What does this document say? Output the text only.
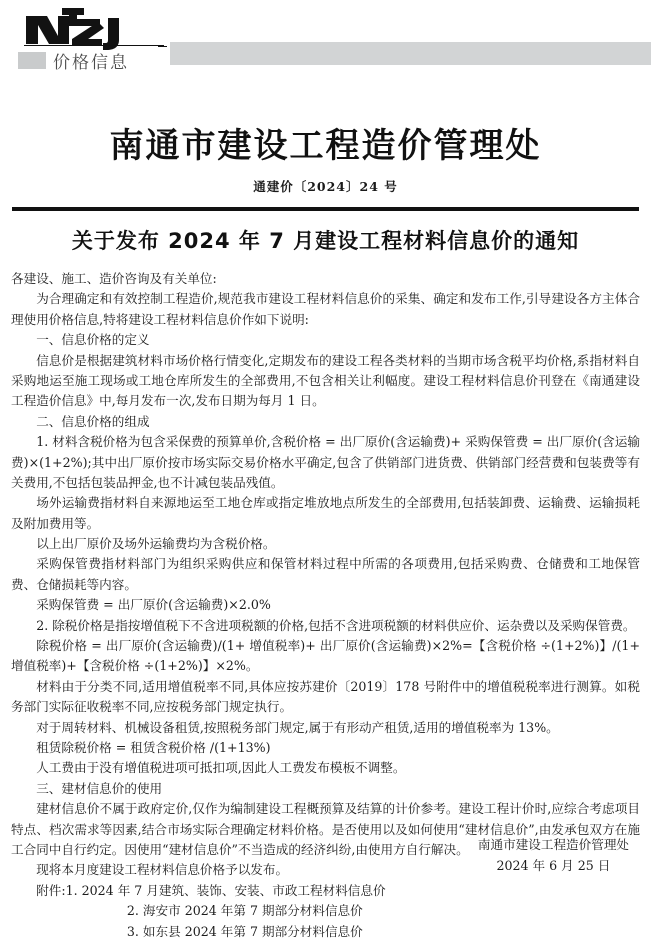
价格信息
南通市建设工程造价管理处
通建价〔2024〕24 号
关于发布 2024 年 7 月建设工程材料信息价的通知

各建设、施工、造价咨询及有关单位:

为合理确定和有效控制工程造价,规范我市建设工程材料信息价的采集、确定和发布工作,引导建设各方主体合理使用价格信息,特将建设工程材料信息价作如下说明:

一、信息价格的定义

信息价是根据建筑材料市场价格行情变化,定期发布的建设工程各类材料的当期市场含税平均价格,系指材料自采购地运至施工现场或工地仓库所发生的全部费用,不包含相关让利幅度。建设工程材料信息价刊登在《南通建设工程造价信息》中,每月发布一次,发布日期为每月 1 日。

二、信息价格的组成

1. 材料含税价格为包含采保费的预算单价,含税价格 = 出厂原价(含运输费)+ 采购保管费 = 出厂原价(含运输费)×(1+2%);其中出厂原价按市场实际交易价格水平确定,包含了供销部门进货费、供销部门经营费和包装费等有关费用,不包括包装品押金,也不计减包装品残值。

场外运输费指材料自来源地运至工地仓库或指定堆放地点所发生的全部费用,包括装卸费、运输费、运输损耗及附加费用等。

以上出厂原价及场外运输费均为含税价格。

采购保管费指材料部门为组织采购供应和保管材料过程中所需的各项费用,包括采购费、仓储费和工地保管费、仓储损耗等内容。

采购保管费 = 出厂原价(含运输费)×2.0%

2. 除税价格是指按增值税下不含进项税额的价格,包括不含进项税额的材料供应价、运杂费以及采购保管费。

除税价格 = 出厂原价(含运输费)/(1+ 增值税率)+ 出厂原价(含运输费)×2%=【含税价格 ÷(1+2%)】/(1+ 增值税率)+【含税价格 ÷(1+2%)】×2%。

材料由于分类不同,适用增值税率不同,具体应按苏建价〔2019〕178 号附件中的增值税税率进行测算。如税务部门实际征收税率不同,应按税务部门规定执行。

对于周转材料、机械设备租赁,按照税务部门规定,属于有形动产租赁,适用的增值税率为 13%。

租赁除税价格 = 租赁含税价格 /(1+13%)

人工费由于没有增值税进项可抵扣项,因此人工费发布模板不调整。

三、建材信息价的使用

建材信息价不属于政府定价,仅作为编制建设工程概预算及结算的计价参考。建设工程计价时,应综合考虑项目特点、档次需求等因素,结合市场实际合理确定材料价格。是否使用以及如何使用“建材信息价”,由发承包双方在施工合同中自行约定。因使用“建材信息价”不当造成的经济纠纷,由使用方自行解决。

现将本月度建设工程材料信息价格予以发布。

附件:1. 2024 年 7 月建筑、装饰、安装、市政工程材料信息价

2. 海安市 2024 年第 7 期部分材料信息价

3. 如东县 2024 年第 7 期部分材料信息价

南通市建设工程造价管理处
2024 年 6 月 25 日
